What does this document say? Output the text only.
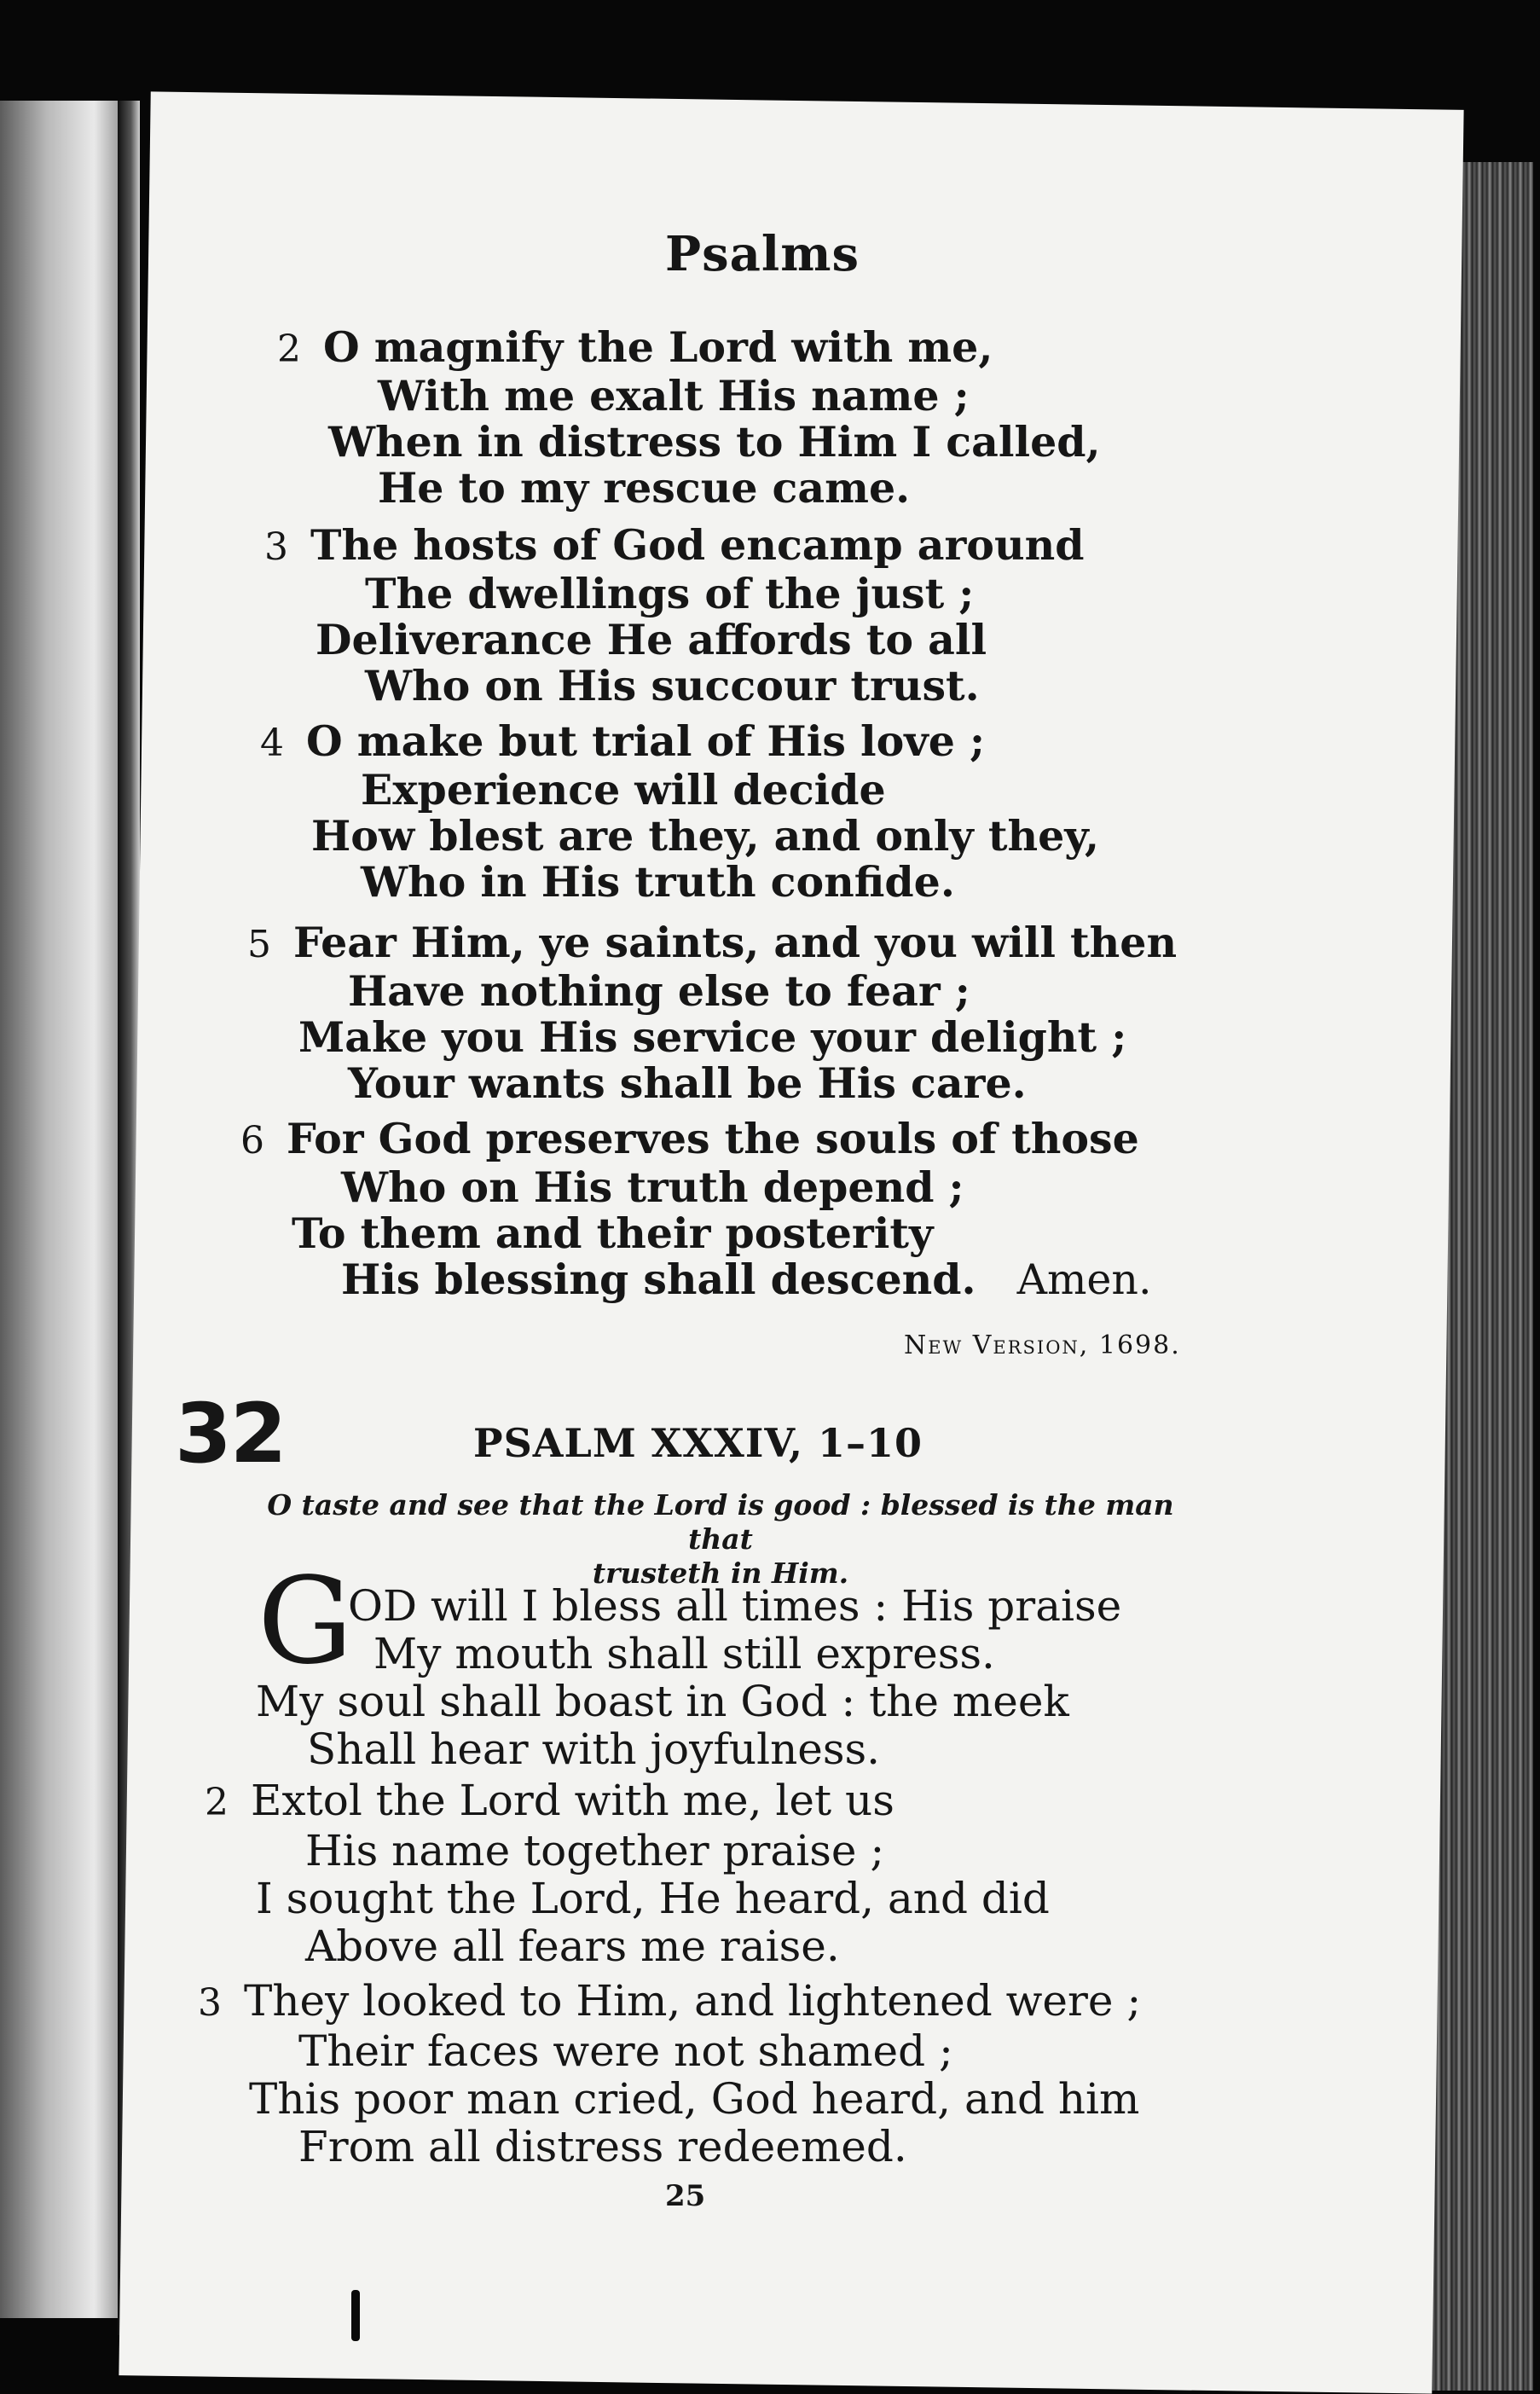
Psalms
2 O magnify the Lord with me,
With me exalt His name ;
When in distress to Him I called,
He to my rescue came.
3 The hosts of God encamp around
The dwellings of the just ;
Deliverance He affords to all
Who on His succour trust.
4 O make but trial of His love ;
Experience will decide
How blest are they, and only they,
Who in His truth confide.
5 Fear Him, ye saints, and you will then
Have nothing else to fear ;
Make you His service your delight ;
Your wants shall be His care.
6 For God preserves the souls of those
Who on His truth depend ;
To them and their posterity
His blessing shall descend. Amen.
New Version, 1698.
32	PSALM XXXIV, 1–10
O taste and see that the Lord is good : blessed is the man that
trusteth in Him.
G
OD will I bless all times : His praise
My mouth shall still express.
My soul shall boast in God : the meek
Shall hear with joyfulness.
2 Extol the Lord with me, let us
His name together praise ;
I sought the Lord, He heard, and did
Above all fears me raise.
3 They looked to Him, and lightened were ;
Their faces were not shamed ;
This poor man cried, God heard, and him
From all distress redeemed.
25
